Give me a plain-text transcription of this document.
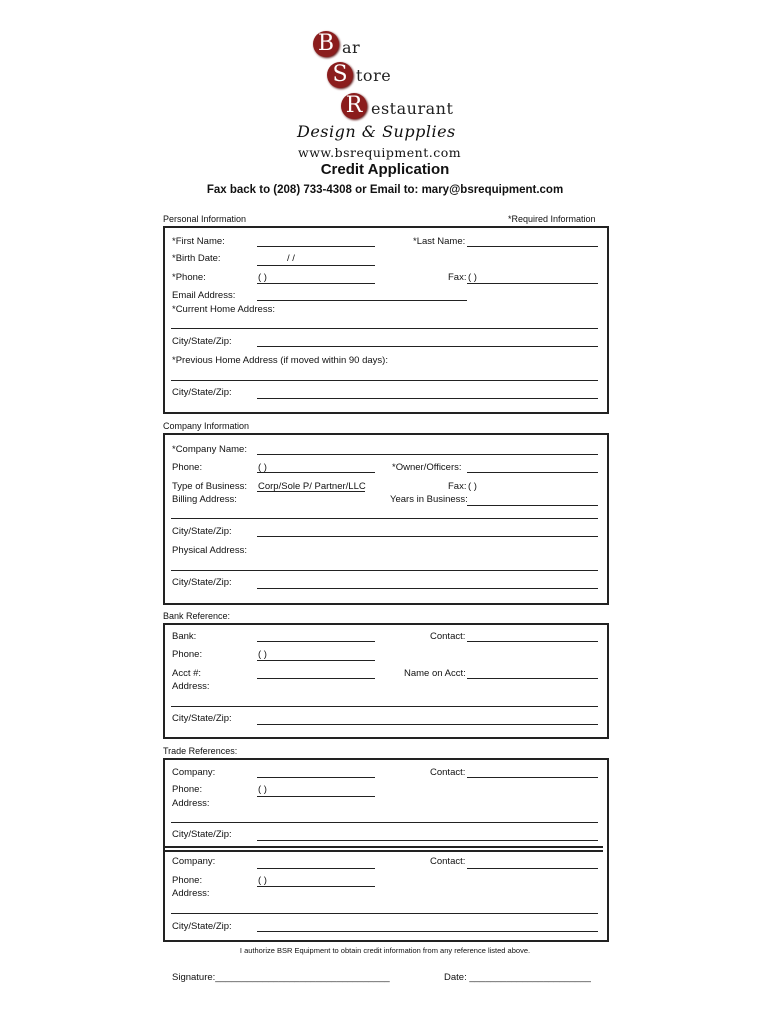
B ar
S tore
R estaurant
Design & Supplies
www.bsrequipment.com
Credit Application
Fax back to (208) 733-4308 or Email to: mary@bsrequipment.com
Personal Information	*Required Information
*First Name:	*Last Name:
*Birth Date:	/ /
*Phone:	( )	Fax: ( )
Email Address:
*Current Home Address:
City/State/Zip:
*Previous Home Address (if moved within 90 days):
City/State/Zip:
Company Information
*Company Name:
Phone:	( )	*Owner/Officers:
Type of Business: Corp/Sole P/ Partner/LLC	Fax: ( )
Billing Address:	Years in Business:
City/State/Zip:
Physical Address:
City/State/Zip:
Bank Reference:
Bank:	Contact:
Phone:	( )
Acct #:	Name on Acct:
Address:
City/State/Zip:
Trade References:
Company:	Contact:
Phone:	( )
Address:
City/State/Zip:
Company:	Contact:
Phone:	( )
Address:
City/State/Zip:
I authorize BSR Equipment to obtain credit information from any reference listed above.
Signature:_________________________________	Date: _______________________
